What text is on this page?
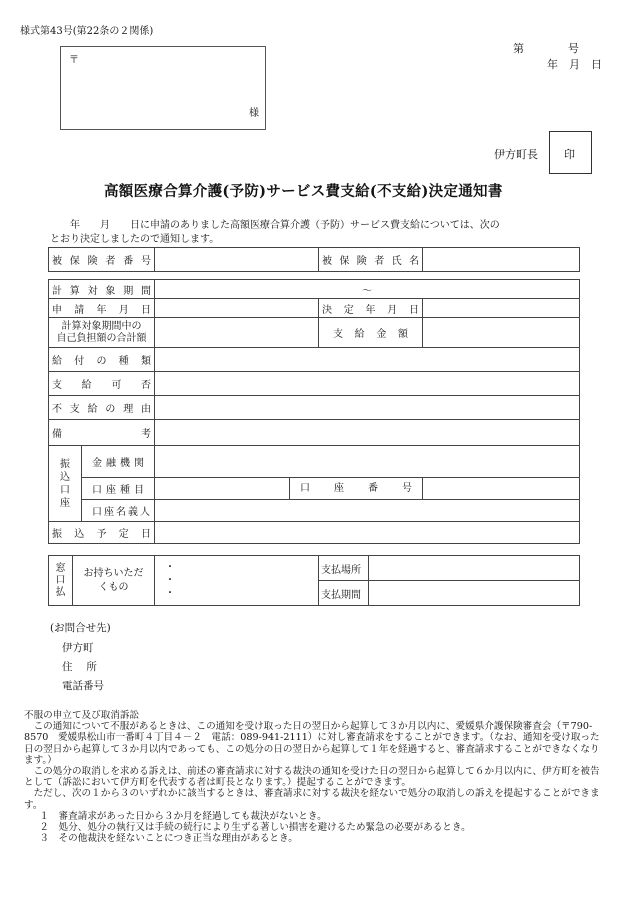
様式第43号(第22条の２関係)
〒
様
第　　　　号
年　月　日
伊方町長 印
高額医療合算介護(予防)サービス費支給(不支給)決定通知書
　　年　　月　　日に申請のありました高額医療合算介護（予防）サービス費支給については、次の
とおり決定しましたので通知します。
被保険者番号		被保険者氏名	
計算対象期間		～		
申請年月日			決定年月日	

計算対象期間中の
自己負担額の合計額			支給金額	
給付の種類				
支給可否				
不支給の理由				
備考				
振込口座	金融機関			
	口座種目	口座番号		

	口座名義人			
振込予定日				
窓口払	お持ちいただくもの	・
・
・	支払場所	
			支払期間	
(お問合せ先)
伊方町
住　 所
電話番号

不服の申立て及び取消訴訟

この通知について不服があるときは、この通知を受け取った日の翌日から起算して３か月以内に、愛媛県介護保険審査会（〒790-8570　愛媛県松山市一番町４丁目４－２　電話：089-941-2111）に対し審査請求をすることができます。（なお、通知を受け取った日の翌日から起算して３か月以内であっても、この処分の日の翌日から起算して１年を経過すると、審査請求することができなくなります。）

この処分の取消しを求める訴えは、前述の審査請求に対する裁決の通知を受けた日の翌日から起算して６か月以内に、伊方町を被告として（訴訟において伊方町を代表する者は町長となります。）提起することができます。

ただし、次の１から３のいずれかに該当するときは、審査請求に対する裁決を経ないで処分の取消しの訴えを提起することができます。

１　審査請求があった日から３か月を経過しても裁決がないとき。

２　処分、処分の執行又は手続の続行により生ずる著しい損害を避けるため緊急の必要があるとき。

３　その他裁決を経ないことにつき正当な理由があるとき。
